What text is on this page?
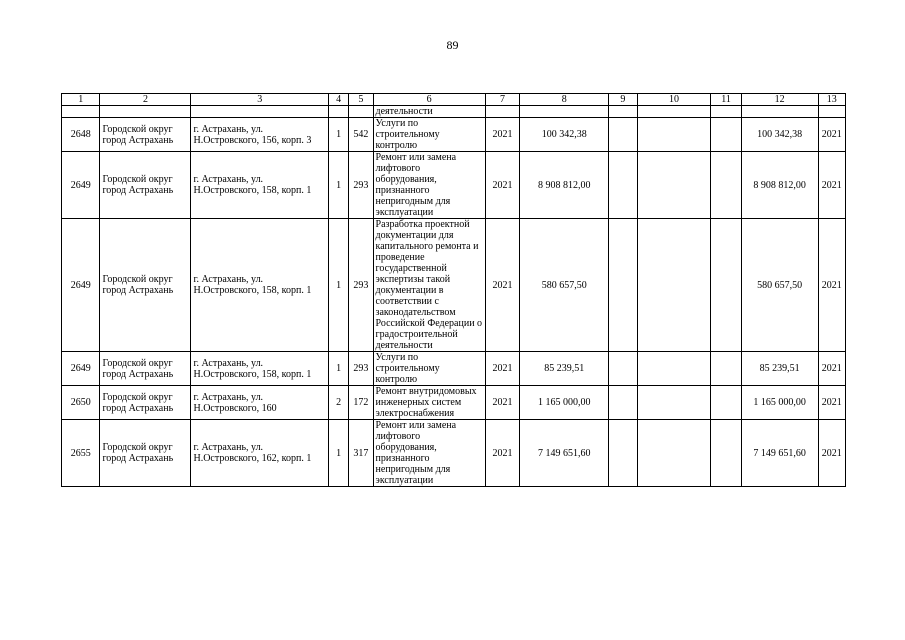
89
1	2	3	4	5	6	7	8	9	10	11	12	13
					деятельности							
2648	Городской округ город Астрахань	г. Астрахань, ул. Н.Островского, 156, корп. 3	1	542	Услуги по строительному контролю	2021	100 342,38				100 342,38	2021
2649	Городской округ город Астрахань	г. Астрахань, ул. Н.Островского, 158, корп. 1	1	293	Ремонт или замена лифтового оборудования, признанного непригодным для эксплуатации	2021	8 908 812,00				8 908 812,00	2021
2649	Городской округ город Астрахань	г. Астрахань, ул. Н.Островского, 158, корп. 1	1	293	Разработка проектной документации для капитального ремонта и проведение государственной экспертизы такой документации в соответствии с законодательством Российской Федерации о градостроительной деятельности	2021	580 657,50				580 657,50	2021
2649	Городской округ город Астрахань	г. Астрахань, ул. Н.Островского, 158, корп. 1	1	293	Услуги по строительному контролю	2021	85 239,51				85 239,51	2021
2650	Городской округ город Астрахань	г. Астрахань, ул. Н.Островского, 160	2	172	Ремонт внутридомовых инженерных систем электроснабжения	2021	1 165 000,00				1 165 000,00	2021
2655	Городской округ город Астрахань	г. Астрахань, ул. Н.Островского, 162, корп. 1	1	317	Ремонт или замена лифтового оборудования, признанного непригодным для эксплуатации	2021	7 149 651,60				7 149 651,60	2021
